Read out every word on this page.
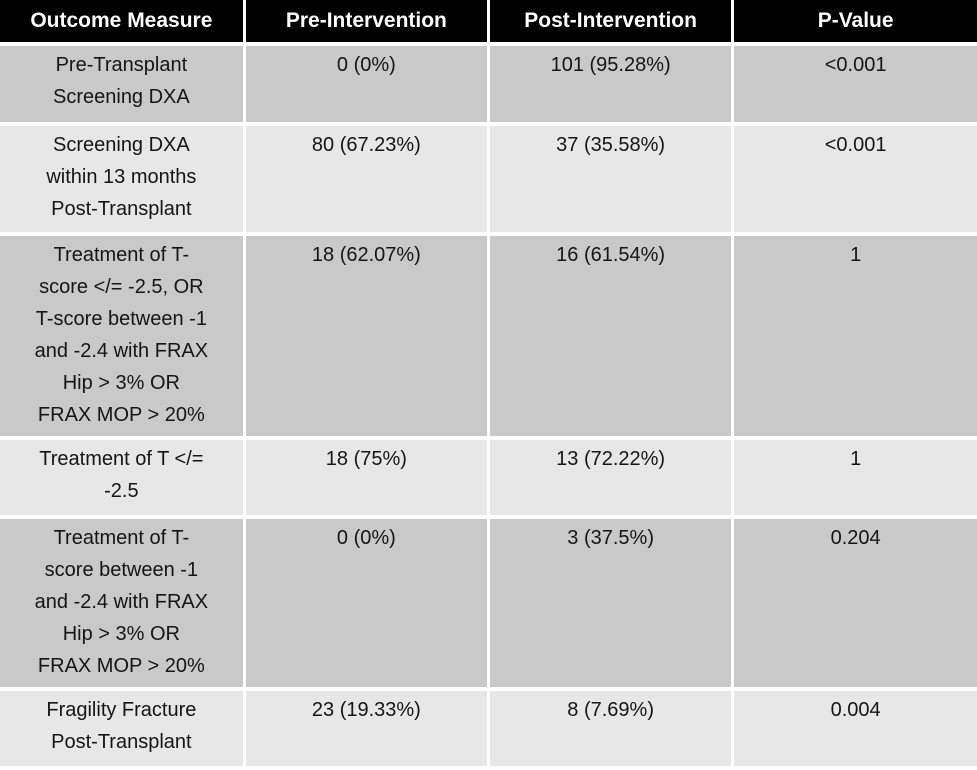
Outcome Measure	Pre-Intervention	Post-Intervention	P-Value
Pre-Transplant
Screening DXA	0 (0%)	101 (95.28%)	<0.001
Screening DXA
within 13 months
Post-Transplant	80 (67.23%)	37 (35.58%)	<0.001
Treatment of T-
score </= -2.5, OR
T-score between -1
and -2.4 with FRAX
Hip > 3% OR
FRAX MOP > 20%	18 (62.07%)	16 (61.54%)	1
Treatment of T </=
-2.5	18 (75%)	13 (72.22%)	1
Treatment of T-
score between -1
and -2.4 with FRAX
Hip > 3% OR
FRAX MOP > 20%	0 (0%)	3 (37.5%)	0.204
Fragility Fracture
Post-Transplant	23 (19.33%)	8 (7.69%)	0.004
